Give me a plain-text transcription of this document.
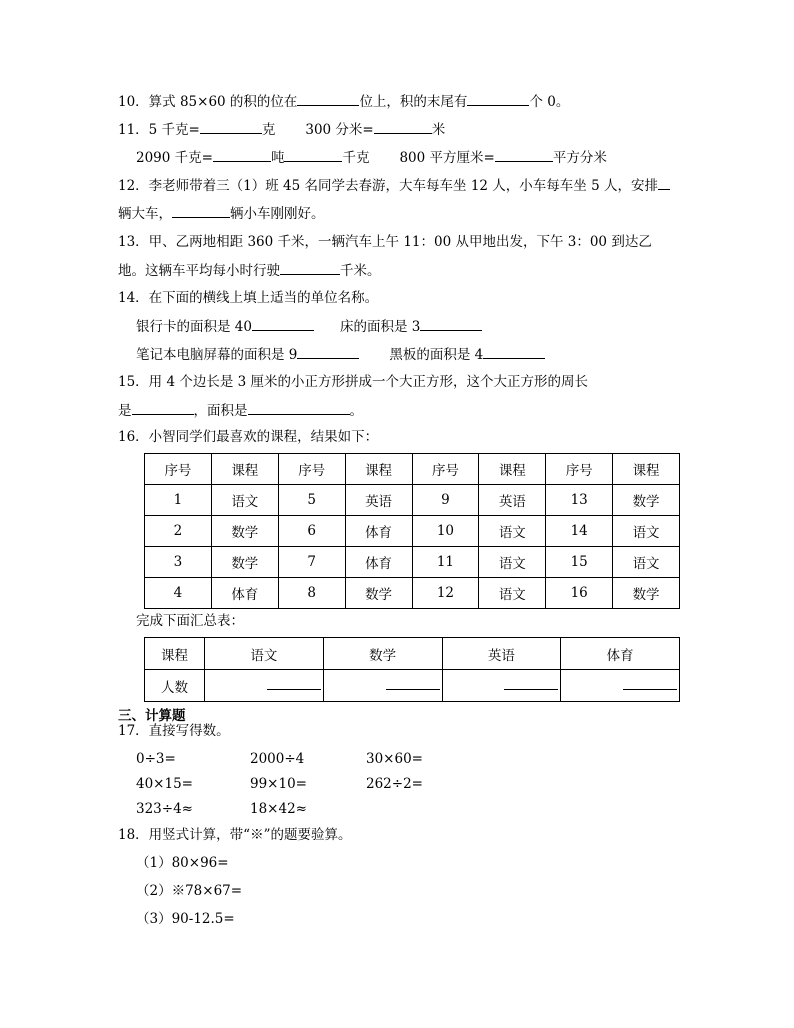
10．算式 85×60 的积的位在	位上，积的末尾有	个 0。
11．5 千克=	克 300 分米=	米
2090 千克=	吨	千克 800 平方厘米=	平方分米
12．李老师带着三（1）班 45 名同学去春游，大车每车坐 12 人，小车每车坐 5 人，安排
辆大车，	辆小车刚刚好。
13．甲、乙两地相距 360 千米，一辆汽车上午 11：00 从甲地出发，下午 3：00 到达乙
地。这辆车平均每小时行驶	千米。
14．在下面的横线上填上适当的单位名称。
银行卡的面积是 40	床的面积是 3
笔记本电脑屏幕的面积是 9	黑板的面积是 4
15．用 4 个边长是 3 厘米的小正方形拼成一个大正方形，这个大正方形的周长
是	，面积是	。
16．小智同学们最喜欢的课程，结果如下：
序号	课程	序号	课程	序号	课程	序号	课程
1	语文	5	英语	9	英语	13	数学
2	数学	6	体育	10	语文	14	语文
3	数学	7	体育	11	语文	15	语文
4	体育	8	数学	12	语文	16	数学
完成下面汇总表：
课程	语文	数学	英语	体育
人数				
三、计算题
17．直接写得数。
0÷3=	2000÷4	30×60=
40×15=	99×10=	262÷2=
323÷4≈	18×42≈
18．用竖式计算，带“※”的题要验算。
（1）80×96=
（2）※78×67=
（3）90-12.5=
